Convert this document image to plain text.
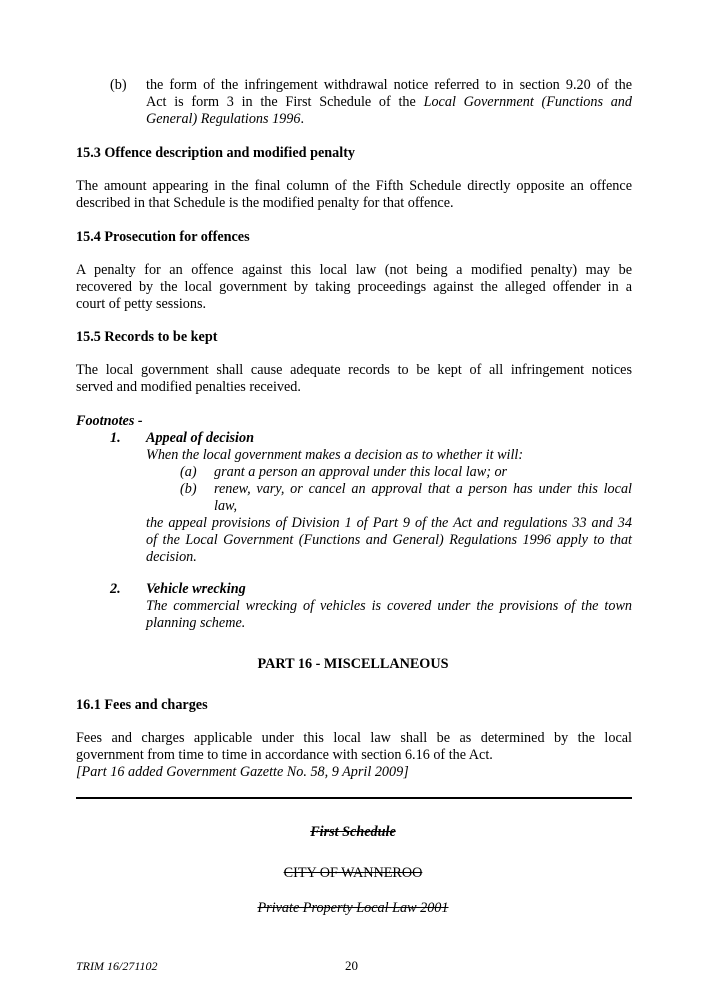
(b) the form of the infringement withdrawal notice referred to in section 9.20 of the
Act is form 3 in the First Schedule of the Local Government (Functions and
General) Regulations 1996.
15.3 Offence description and modified penalty
The amount appearing in the final column of the Fifth Schedule directly opposite an offence
described in that Schedule is the modified penalty for that offence.
15.4 Prosecution for offences
A penalty for an offence against this local law (not being a modified penalty) may be
recovered by the local government by taking proceedings against the alleged offender in a
court of petty sessions.
15.5 Records to be kept
The local government shall cause adequate records to be kept of all infringement notices
served and modified penalties received.
Footnotes -
1. Appeal of decision
When the local government makes a decision as to whether it will:
(a) grant a person an approval under this local law; or
(b) renew, vary, or cancel an approval that a person has under this local
law,
the appeal provisions of Division 1 of Part 9 of the Act and regulations 33 and 34
of the Local Government (Functions and General) Regulations 1996 apply to that
decision.
2. Vehicle wrecking
The commercial wrecking of vehicles is covered under the provisions of the town
planning scheme.
PART 16 - MISCELLANEOUS
16.1 Fees and charges
Fees and charges applicable under this local law shall be as determined by the local
government from time to time in accordance with section 6.16 of the Act.
[Part 16 added Government Gazette No. 58, 9 April 2009]
First Schedule
CITY OF WANNEROO
Private Property Local Law 2001
TRIM 16/271102	20
